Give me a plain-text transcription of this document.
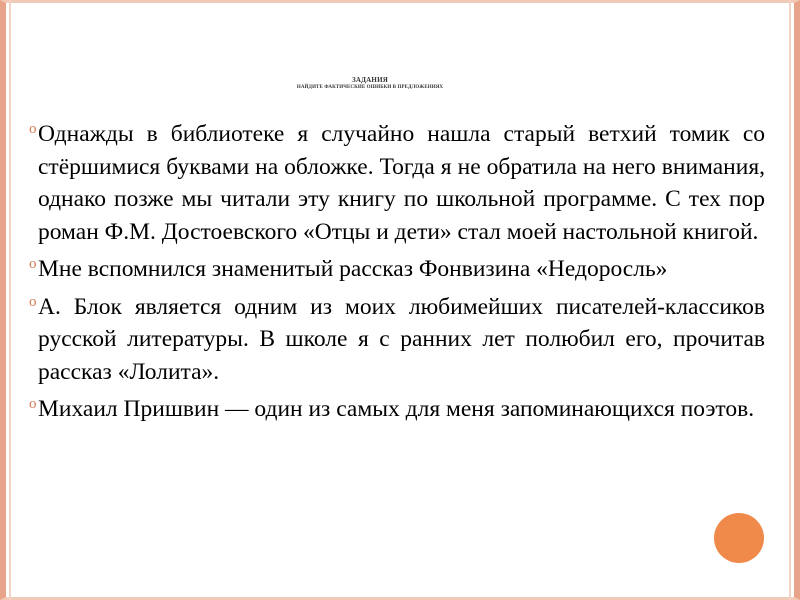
ЗАДАНИЯ
НАЙДИТЕ ФАКТИЧЕСКИЕ ОШИБКИ В ПРЕДЛОЖЕНИЯХ

o Однажды в библиотеке я случайно нашла старый ветхий томик со стёршимися буквами на обложке. Тогда я не обратила на него внимания, однако позже мы читали эту книгу по школьной программе. С тех пор роман Ф.М. Достоевского «Отцы и дети» стал моей настольной книгой.

o Мне вспомнился знаменитый рассказ Фонвизина «Недоросль»

o А. Блок является одним из моих любимейших писателей-классиков русской литературы. В школе я с ранних лет полюбил его, прочитав рассказ «Лолита».

o Михаил Пришвин — один из самых для меня запоминающихся поэтов.
